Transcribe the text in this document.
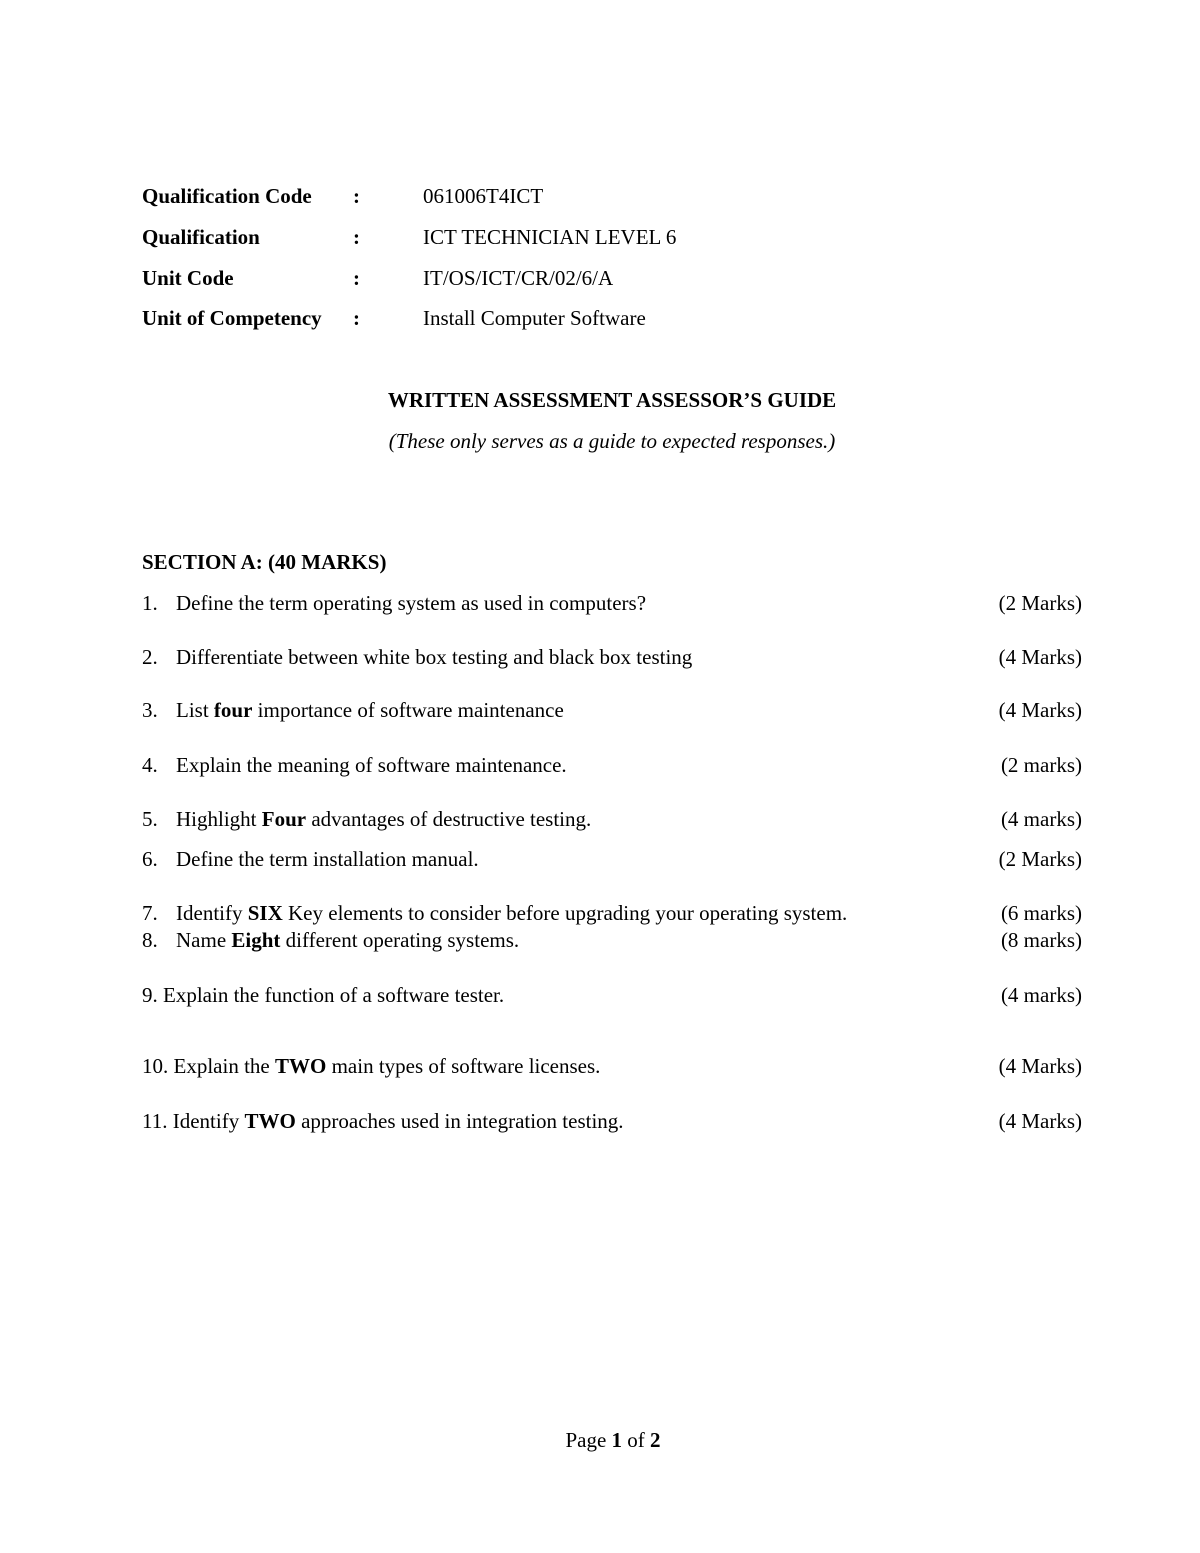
Qualification Code :	061006T4ICT
Qualification	:	ICT TECHNICIAN LEVEL 6
Unit Code	:	IT/OS/ICT/CR/02/6/A
Unit of Competency :	Install Computer Software
WRITTEN ASSESSMENT ASSESSOR’S GUIDE
(These only serves as a guide to expected responses.)
SECTION A: (40 MARKS)
1. Define the term operating system as used in computers?	(2 Marks)
2. Differentiate between white box testing and black box testing	(4 Marks)
3. List four importance of software maintenance	(4 Marks)
4. Explain the meaning of software maintenance.	(2 marks)
5. Highlight Four advantages of destructive testing.	(4 marks)
6. Define the term installation manual.	(2 Marks)
7. Identify SIX Key elements to consider before upgrading your operating system.	(6 marks)
8. Name Eight different operating systems.	(8 marks)
9. Explain the function of a software tester.	(4 marks)
10. Explain the TWO main types of software licenses.	(4 Marks)
11. Identify TWO approaches used in integration testing.	(4 Marks)
Page 1 of 2
